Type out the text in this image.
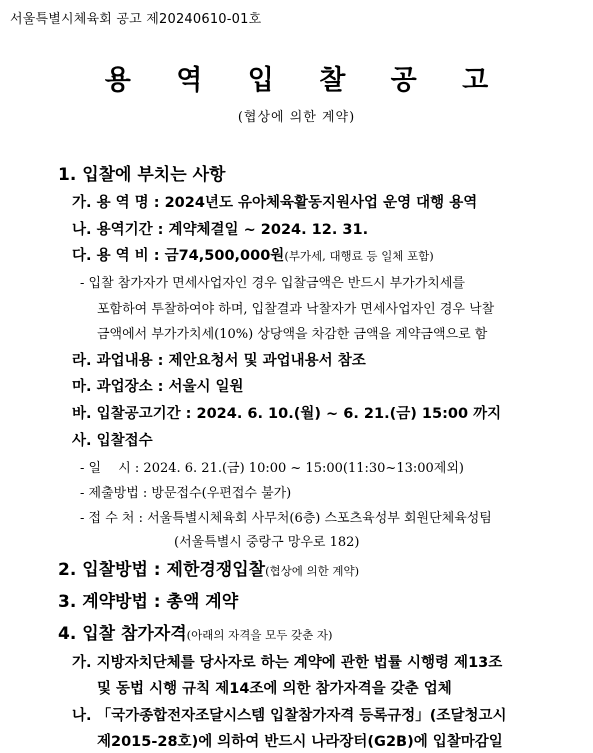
서울특별시체육회 공고 제20240610-01호
용 역 입 찰 공 고
(협상에 의한 계약)
1. 입찰에 부치는 사항
가. 용 역 명 : 2024년도 유아체육활동지원사업 운영 대행 용역
나. 용역기간 : 계약체결일 ~ 2024. 12. 31.
다. 용 역 비 : 금74,500,000원(부가세, 대행료 등 일체 포함)
- 입찰 참가자가 면세사업자인 경우 입찰금액은 반드시 부가가치세를
포함하여 투찰하여야 하며, 입찰결과 낙찰자가 면세사업자인 경우 낙찰
금액에서 부가가치세(10%) 상당액을 차감한 금액을 계약금액으로 함
라. 과업내용 : 제안요청서 및 과업내용서 참조
마. 과업장소 : 서울시 일원
바. 입찰공고기간 : 2024. 6. 10.(월) ~ 6. 21.(금) 15:00 까지
사. 입찰접수
- 일　 시 : 2024. 6. 21.(금) 10:00 ~ 15:00(11:30~13:00제외)
- 제출방법 : 방문접수(우편접수 불가)
- 접 수 처 : 서울특별시체육회 사무처(6층) 스포츠육성부 회원단체육성팀
(서울특별시 중랑구 망우로 182)
2. 입찰방법 : 제한경쟁입찰(협상에 의한 계약)
3. 계약방법 : 총액 계약
4. 입찰 참가자격(아래의 자격을 모두 갖춘 자)
가. 지방자치단체를 당사자로 하는 계약에 관한 법률 시행령 제13조
및 동법 시행 규칙 제14조에 의한 참가자격을 갖춘 업체
나. 「국가종합전자조달시스템 입찰참가자격 등록규정」(조달청고시
제2015-28호)에 의하여 반드시 나라장터(G2B)에 입찰마감일
